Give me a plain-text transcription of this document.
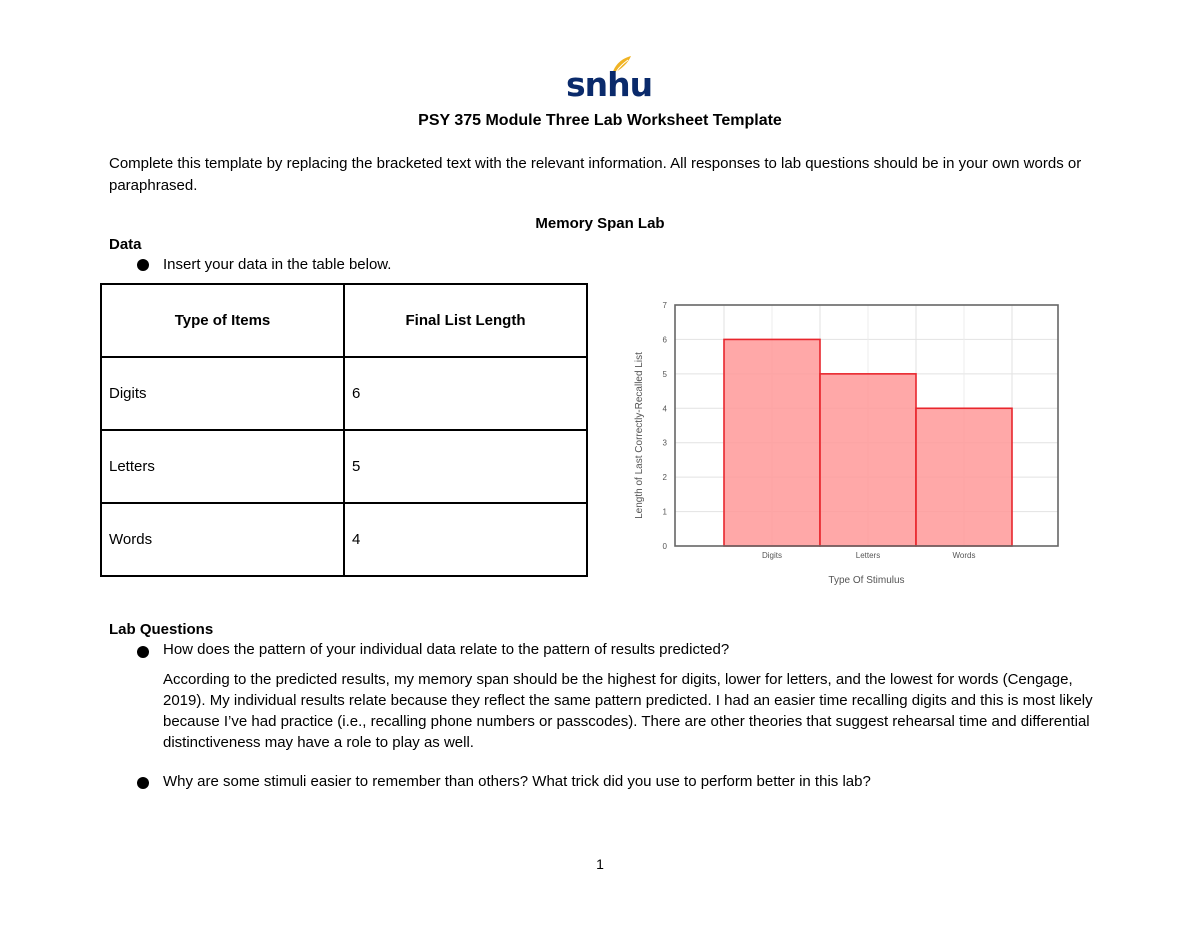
snhu
PSY 375 Module Three Lab Worksheet Template
Complete this template by replacing the bracketed text with the relevant information. All responses to lab questions should be in your own words or paraphrased.
Memory Span Lab
Data
Insert your data in the table below.
Type of Items	Final List Length
Digits	6
Letters	5
Words	4	0
1
2
3
4
5
6
7
Digits	Letters	Words
Type Of Stimulus
Length of Last Correctly-Recalled List
Lab Questions
How does the pattern of your individual data relate to the pattern of results predicted?
According to the predicted results, my memory span should be the highest for digits, lower for letters, and the lowest for words (Cengage, 2019). My individual results relate because they reflect the same pattern predicted. I had an easier time recalling digits and this is most likely because I’ve had practice (i.e., recalling phone numbers or passcodes). There are other theories that suggest rehearsal time and differential distinctiveness may have a role to play as well.
Why are some stimuli easier to remember than others? What trick did you use to perform better in this lab?
1
